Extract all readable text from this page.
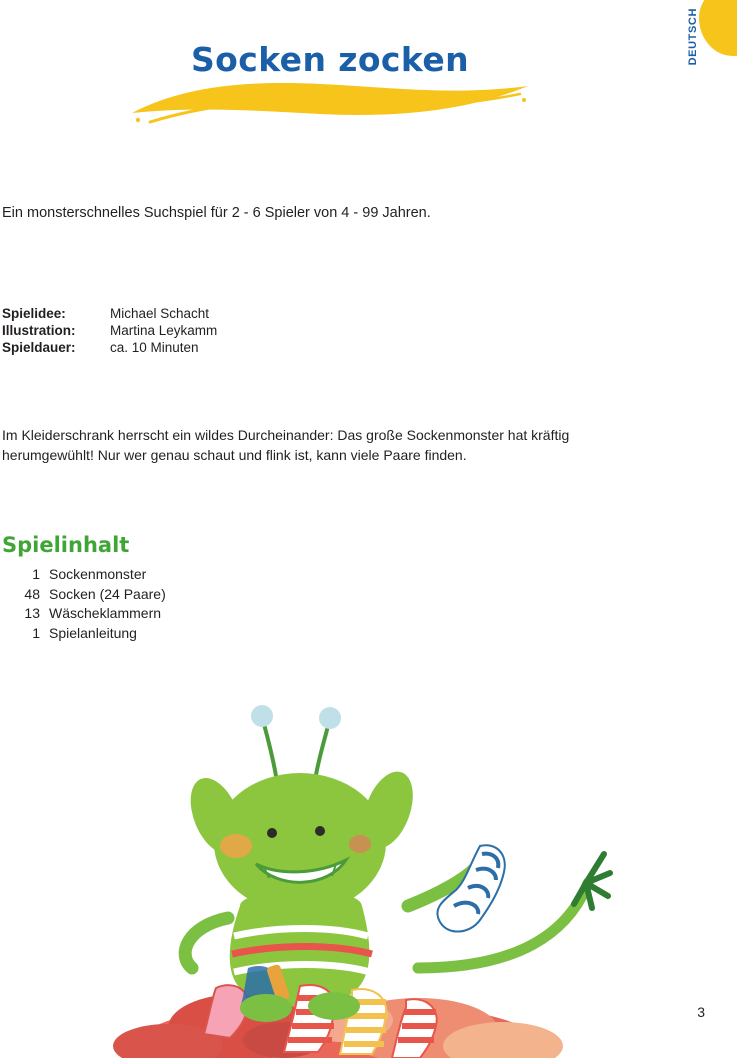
DEUTSCH
Socken zocken
Ein monsterschnelles Suchspiel für 2 - 6 Spieler von 4 - 99 Jahren.
Spielidee:	Michael Schacht
Illustration:	Martina Leykamm
Spieldauer:	ca. 10 Minuten
Im Kleiderschrank herrscht ein wildes Durcheinander: Das große Sockenmonster hat kräftig herumgewühlt! Nur wer genau schaut und flink ist, kann viele Paare finden.
Spielinhalt
1 Sockenmonster
48 Socken (24 Paare)
13 Wäscheklammern
1 Spielanleitung
3
